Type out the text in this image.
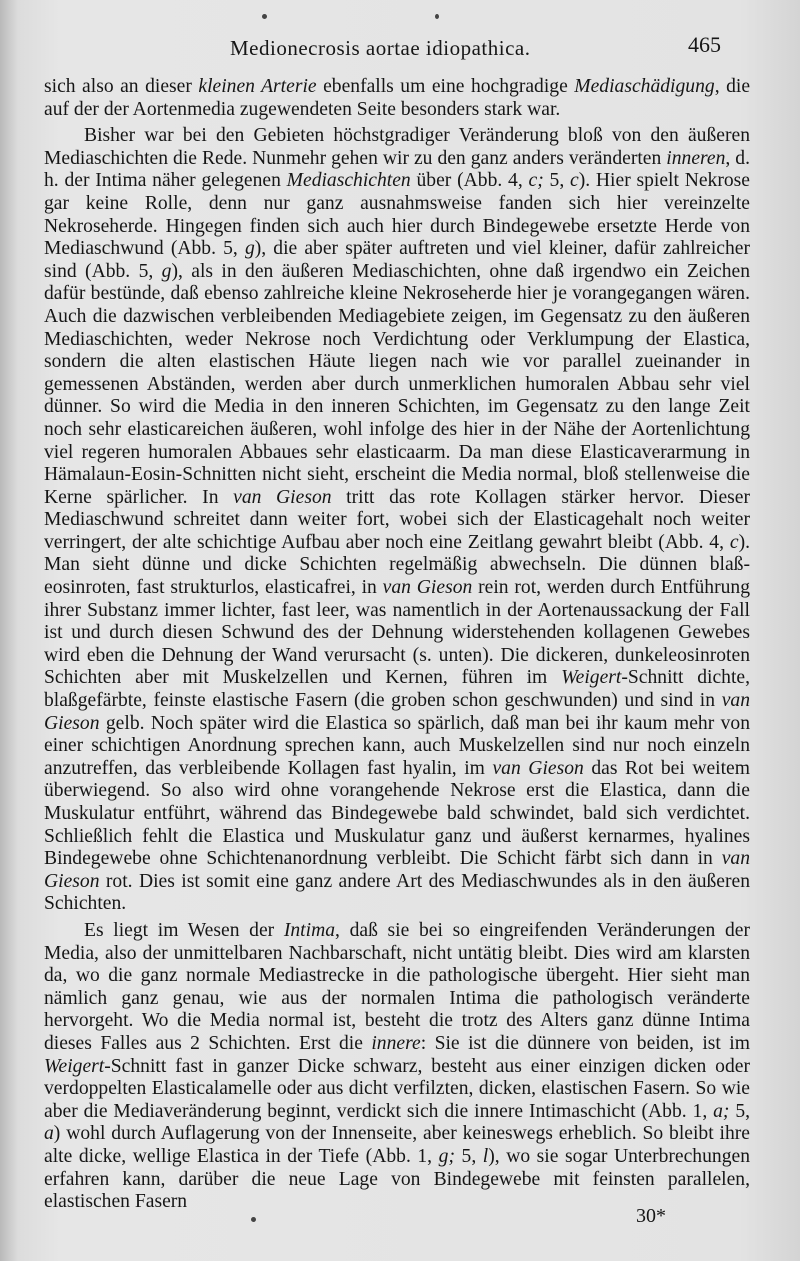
Medionecrosis aortae idiopathica.	465

sich also an dieser kleinen Arterie ebenfalls um eine hochgradige Mediaschädigung, die auf der der Aortenmedia zugewendeten Seite besonders stark war.

Bisher war bei den Gebieten höchstgradiger Veränderung bloß von den äußeren Mediaschichten die Rede. Nunmehr gehen wir zu den ganz anders veränderten inneren, d. h. der Intima näher gelegenen Mediaschichten über (Abb. 4, c; 5, c). Hier spielt Nekrose gar keine Rolle, denn nur ganz ausnahmsweise fanden sich hier vereinzelte Nekroseherde. Hingegen finden sich auch hier durch Bindegewebe ersetzte Herde von Mediaschwund (Abb. 5, g), die aber später auftreten und viel kleiner, dafür zahlreicher sind (Abb. 5, g), als in den äußeren Mediaschichten, ohne daß irgendwo ein Zeichen dafür bestünde, daß ebenso zahlreiche kleine Nekroseherde hier je vorangegangen wären. Auch die dazwischen verbleibenden Mediagebiete zeigen, im Gegensatz zu den äußeren Mediaschichten, weder Nekrose noch Verdichtung oder Verklumpung der Elastica, sondern die alten elastischen Häute liegen nach wie vor parallel zueinander in gemessenen Abständen, werden aber durch unmerklichen humoralen Abbau sehr viel dünner. So wird die Media in den inneren Schichten, im Gegensatz zu den lange Zeit noch sehr elasticareichen äußeren, wohl infolge des hier in der Nähe der Aortenlichtung viel regeren humoralen Abbaues sehr elasticaarm. Da man diese Elasticaverarmung in Hämalaun-Eosin-Schnitten nicht sieht, erscheint die Media normal, bloß stellenweise die Kerne spärlicher. In van Gieson tritt das rote Kollagen stärker hervor. Dieser Mediaschwund schreitet dann weiter fort, wobei sich der Elasticagehalt noch weiter verringert, der alte schichtige Aufbau aber noch eine Zeitlang gewahrt bleibt (Abb. 4, c). Man sieht dünne und dicke Schichten regelmäßig abwechseln. Die dünnen blaß-eosinroten, fast strukturlos, elasticafrei, in van Gieson rein rot, werden durch Entführung ihrer Substanz immer lichter, fast leer, was namentlich in der Aortenaussackung der Fall ist und durch diesen Schwund des der Dehnung widerstehenden kollagenen Gewebes wird eben die Dehnung der Wand verursacht (s. unten). Die dickeren, dunkeleosinroten Schichten aber mit Muskelzellen und Kernen, führen im Weigert-Schnitt dichte, blaßgefärbte, feinste elastische Fasern (die groben schon geschwunden) und sind in van Gieson gelb. Noch später wird die Elastica so spärlich, daß man bei ihr kaum mehr von einer schichtigen Anordnung sprechen kann, auch Muskelzellen sind nur noch einzeln anzutreffen, das verbleibende Kollagen fast hyalin, im van Gieson das Rot bei weitem überwiegend. So also wird ohne vorangehende Nekrose erst die Elastica, dann die Muskulatur entführt, während das Bindegewebe bald schwindet, bald sich verdichtet. Schließlich fehlt die Elastica und Muskulatur ganz und äußerst kernarmes, hyalines Bindegewebe ohne Schichtenanordnung verbleibt. Die Schicht färbt sich dann in van Gieson rot. Dies ist somit eine ganz andere Art des Mediaschwundes als in den äußeren Schichten.

Es liegt im Wesen der Intima, daß sie bei so eingreifenden Veränderungen der Media, also der unmittelbaren Nachbarschaft, nicht untätig bleibt. Dies wird am klarsten da, wo die ganz normale Mediastrecke in die pathologische übergeht. Hier sieht man nämlich ganz genau, wie aus der normalen Intima die pathologisch veränderte hervorgeht. Wo die Media normal ist, besteht die trotz des Alters ganz dünne Intima dieses Falles aus 2 Schichten. Erst die innere: Sie ist die dünnere von beiden, ist im Weigert-Schnitt fast in ganzer Dicke schwarz, besteht aus einer einzigen dicken oder verdoppelten Elasticalamelle oder aus dicht verfilzten, dicken, elastischen Fasern. So wie aber die Mediaveränderung beginnt, verdickt sich die innere Intimaschicht (Abb. 1, a; 5, a) wohl durch Auflagerung von der Innenseite, aber keineswegs erheblich. So bleibt ihre alte dicke, wellige Elastica in der Tiefe (Abb. 1, g; 5, l), wo sie sogar Unterbrechungen erfahren kann, darüber die neue Lage von Bindegewebe mit feinsten parallelen, elastischen Fasern

30*
